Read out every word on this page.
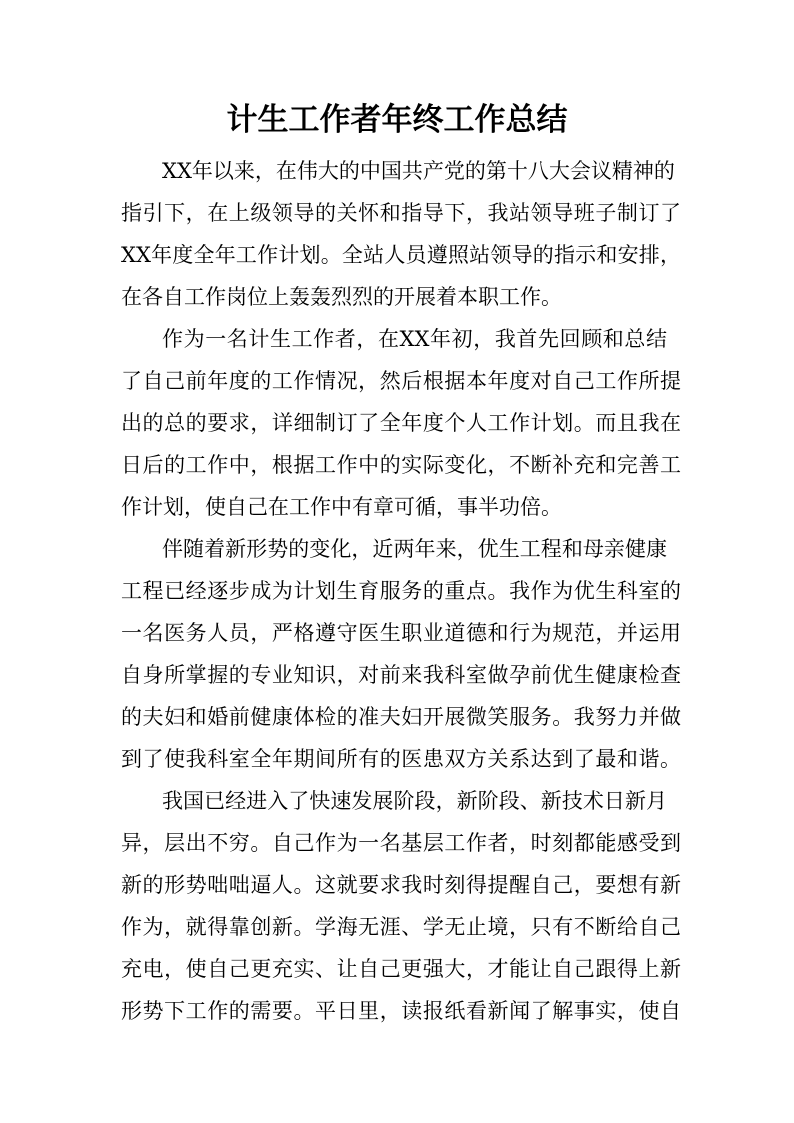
计生工作者年终工作总结

XX年以来，在伟大的中国共产党的第十八大会议精神的

指引下，在上级领导的关怀和指导下，我站领导班子制订了

XX年度全年工作计划。全站人员遵照站领导的指示和安排，

在各自工作岗位上轰轰烈烈的开展着本职工作。

作为一名计生工作者，在XX年初，我首先回顾和总结

了自己前年度的工作情况，然后根据本年度对自己工作所提

出的总的要求，详细制订了全年度个人工作计划。而且我在

日后的工作中，根据工作中的实际变化，不断补充和完善工

作计划，使自己在工作中有章可循，事半功倍。

伴随着新形势的变化，近两年来，优生工程和母亲健康

工程已经逐步成为计划生育服务的重点。我作为优生科室的

一名医务人员，严格遵守医生职业道德和行为规范，并运用

自身所掌握的专业知识，对前来我科室做孕前优生健康检查

的夫妇和婚前健康体检的准夫妇开展微笑服务。我努力并做

到了使我科室全年期间所有的医患双方关系达到了最和谐。

我国已经进入了快速发展阶段，新阶段、新技术日新月

异，层出不穷。自己作为一名基层工作者，时刻都能感受到

新的形势咄咄逼人。这就要求我时刻得提醒自己，要想有新

作为，就得靠创新。学海无涯、学无止境，只有不断给自己

充电，使自己更充实、让自己更强大，才能让自己跟得上新

形势下工作的需要。平日里，读报纸看新闻了解事实，使自
